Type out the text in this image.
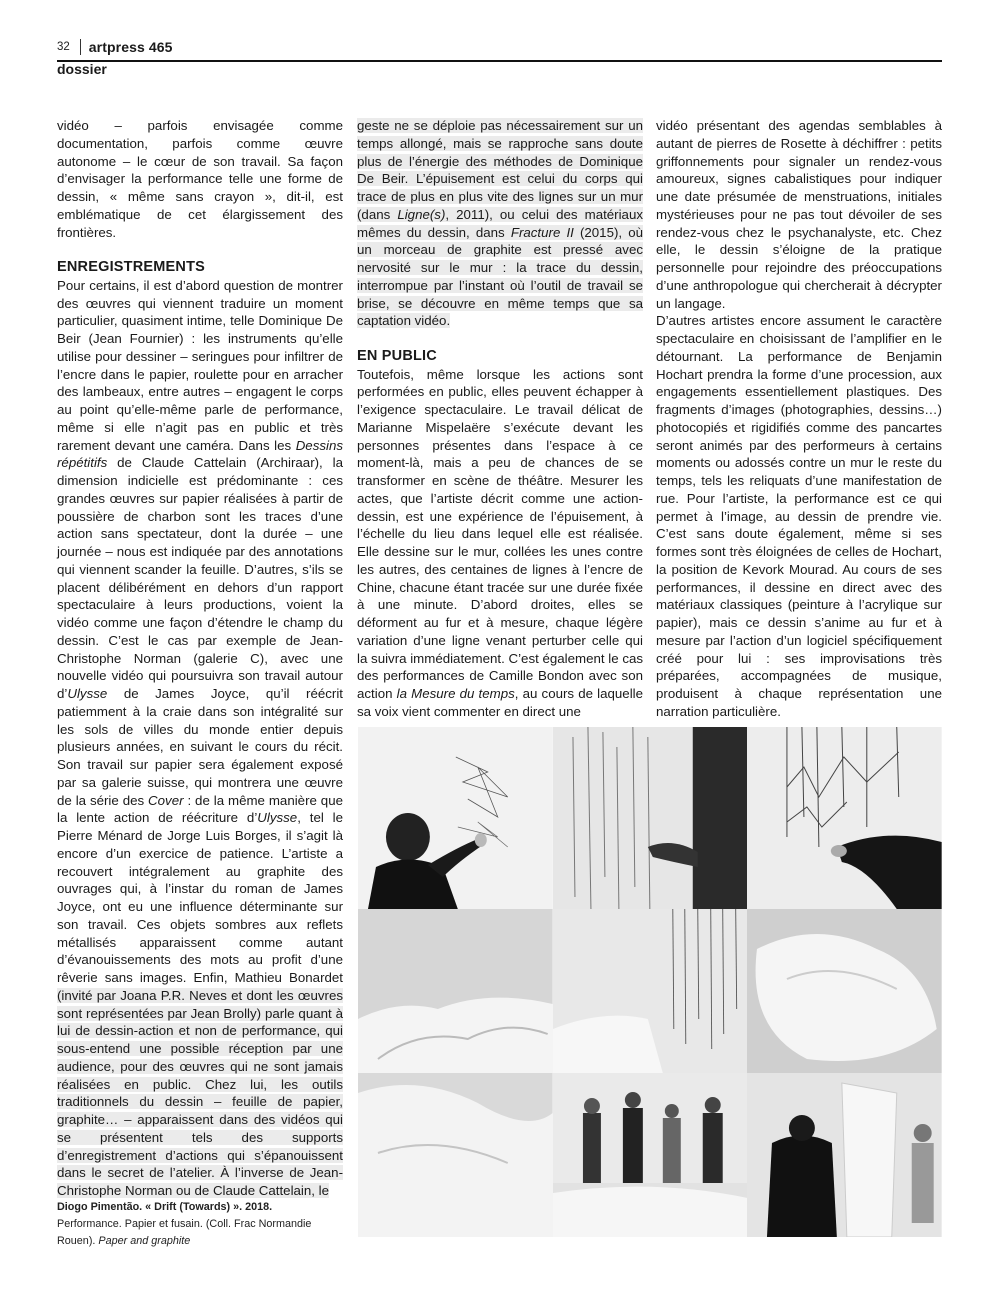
32 artpress 465
dossier

vidéo – parfois envisagée comme documentation, parfois comme œuvre autonome – le cœur de son travail. Sa façon d’envisager la performance telle une forme de dessin, « même sans crayon », dit-il, est emblématique de cet élargissement des frontières.

ENREGISTREMENTS

Pour certains, il est d’abord question de montrer des œuvres qui viennent traduire un moment particulier, quasiment intime, telle Dominique De Beir (Jean Fournier) : les instruments qu’elle utilise pour dessiner – seringues pour infiltrer de l’encre dans le papier, roulette pour en arracher des lambeaux, entre autres – engagent le corps au point qu’elle-même parle de performance, même si elle n’agit pas en public et très rarement devant une caméra. Dans les Dessins répétitifs de Claude Cattelain (Archiraar), la dimension indicielle est prédominante : ces grandes œuvres sur papier réalisées à partir de poussière de charbon sont les traces d’une action sans spectateur, dont la durée – une journée – nous est indiquée par des annotations qui viennent scander la feuille. D’autres, s’ils se placent délibérément en dehors d’un rapport spectaculaire à leurs productions, voient la vidéo comme une façon d’étendre le champ du dessin. C’est le cas par exemple de Jean-Christophe Norman (galerie C), avec une nouvelle vidéo qui poursuivra son travail autour d’Ulysse de James Joyce, qu’il réécrit patiemment à la craie dans son intégralité sur les sols de villes du monde entier depuis plusieurs années, en suivant le cours du récit. Son travail sur papier sera également exposé par sa galerie suisse, qui montrera une œuvre de la série des Cover : de la même manière que la lente action de réécriture d’Ulysse, tel le Pierre Ménard de Jorge Luis Borges, il s’agit là encore d’un exercice de patience. L’artiste a recouvert intégralement au graphite des ouvrages qui, à l’instar du roman de James Joyce, ont eu une influence déterminante sur son travail. Ces objets sombres aux reflets métallisés apparaissent comme autant d’évanouissements des mots au profit d’une rêverie sans images. Enfin, Mathieu Bonardet (invité par Joana P.R. Neves et dont les œuvres sont représentées par Jean Brolly) parle quant à lui de dessin-action et non de performance, qui sous-entend une possible réception par une audience, pour des œuvres qui ne sont jamais réalisées en public. Chez lui, les outils traditionnels du dessin – feuille de papier, graphite… – apparaissent dans des vidéos qui se présentent tels des supports d’enregistrement d’actions qui s’épanouissent dans le secret de l’atelier. À l’inverse de Jean-Christophe Norman ou de Claude Cattelain, le

geste ne se déploie pas nécessairement sur un temps allongé, mais se rapproche sans doute plus de l’énergie des méthodes de Dominique De Beir. L’épuisement est celui du corps qui trace de plus en plus vite des lignes sur un mur (dans Ligne(s), 2011), ou celui des matériaux mêmes du dessin, dans Fracture II (2015), où un morceau de graphite est pressé avec nervosité sur le mur : la trace du dessin, interrompue par l’instant où l’outil de travail se brise, se découvre en même temps que sa captation vidéo.

EN PUBLIC

Toutefois, même lorsque les actions sont performées en public, elles peuvent échapper à l’exigence spectaculaire. Le travail délicat de Marianne Mispelaëre s’exécute devant les personnes présentes dans l’espace à ce moment-là, mais a peu de chances de se transformer en scène de théâtre. Mesurer les actes, que l’artiste décrit comme une action-dessin, est une expérience de l’épuisement, à l’échelle du lieu dans lequel elle est réalisée. Elle dessine sur le mur, collées les unes contre les autres, des centaines de lignes à l’encre de Chine, chacune étant tracée sur une durée fixée à une minute. D’abord droites, elles se déforment au fur et à mesure, chaque légère variation d’une ligne venant perturber celle qui la suivra immédiatement. C’est également le cas des performances de Camille Bondon avec son action la Mesure du temps, au cours de laquelle sa voix vient commenter en direct une

vidéo présentant des agendas semblables à autant de pierres de Rosette à déchiffrer : petits griffonnements pour signaler un rendez-vous amoureux, signes cabalistiques pour indiquer une date présumée de menstruations, initiales mystérieuses pour ne pas tout dévoiler de ses rendez-vous chez le psychanalyste, etc. Chez elle, le dessin s’éloigne de la pratique personnelle pour rejoindre des préoccupations d’une anthropologue qui chercherait à décrypter un langage.

D’autres artistes encore assument le caractère spectaculaire en choisissant de l’amplifier en le détournant. La performance de Benjamin Hochart prendra la forme d’une procession, aux engagements essentiellement plastiques. Des fragments d’images (photographies, dessins…) photocopiés et rigidifiés comme des pancartes seront animés par des performeurs à certains moments ou adossés contre un mur le reste du temps, tels les reliquats d’une manifestation de rue. Pour l’artiste, la performance est ce qui permet à l’image, au dessin de prendre vie. C’est sans doute également, même si ses formes sont très éloignées de celles de Hochart, la position de Kevork Mourad. Au cours de ses performances, il dessine en direct avec des matériaux classiques (peinture à l’acrylique sur papier), mais ce dessin s’anime au fur et à mesure par l’action d’un logiciel spécifiquement créé pour lui : ses improvisations très préparées, accompagnées de musique, produisent à chaque représentation une narration particulière.

Diogo Pimentão. « Drift (Towards) ». 2018.

Performance. Papier et fusain. (Coll. Frac Normandie Rouen). Paper and graphite
